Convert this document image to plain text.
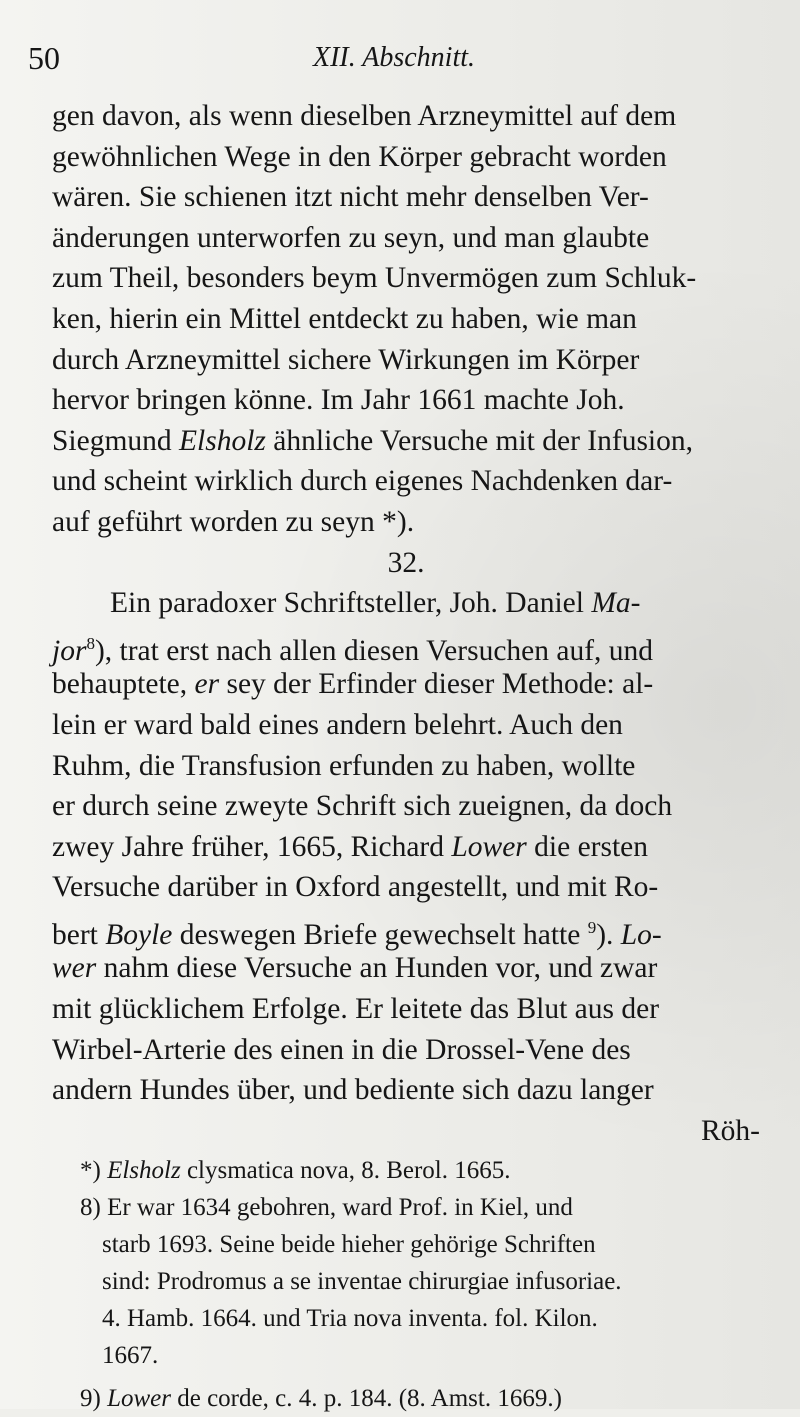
50	XII. Abschnitt.
gen davon, als wenn dieselben Arzneymittel auf dem
gewöhnlichen Wege in den Körper gebracht worden
wären. Sie schienen itzt nicht mehr denselben Ver-
änderungen unterworfen zu seyn, und man glaubte
zum Theil, besonders beym Unvermögen zum Schluk-
ken, hierin ein Mittel entdeckt zu haben, wie man
durch Arzneymittel sichere Wirkungen im Körper
hervor bringen könne. Im Jahr 1661 machte Joh.
Siegmund Elsholz ähnliche Versuche mit der Infusion,
und scheint wirklich durch eigenes Nachdenken dar-
auf geführt worden zu seyn *).
32.
Ein paradoxer Schriftsteller, Joh. Daniel Ma-
jor$^8$), trat erst nach allen diesen Versuchen auf, und
behauptete, er sey der Erfinder dieser Methode: al-
lein er ward bald eines andern belehrt. Auch den
Ruhm, die Transfusion erfunden zu haben, wollte
er durch seine zweyte Schrift sich zueignen, da doch
zwey Jahre früher, 1665, Richard Lower die ersten
Versuche darüber in Oxford angestellt, und mit Ro-
bert Boyle deswegen Briefe gewechselt hatte $^9$). Lo-
wer nahm diese Versuche an Hunden vor, und zwar
mit glücklichem Erfolge. Er leitete das Blut aus der
Wirbel-Arterie des einen in die Drossel-Vene des
andern Hundes über, und bediente sich dazu langer
Röh-
*) Elsholz clysmatica nova, 8. Berol. 1665.
8) Er war 1634 gebohren, ward Prof. in Kiel, und
starb 1693. Seine beide hieher gehörige Schriften
sind: Prodromus a se inventae chirurgiae infusoriae.
4. Hamb. 1664. und Tria nova inventa. fol. Kilon.
1667.
9) Lower de corde, c. 4. p. 184. (8. Amst. 1669.)
